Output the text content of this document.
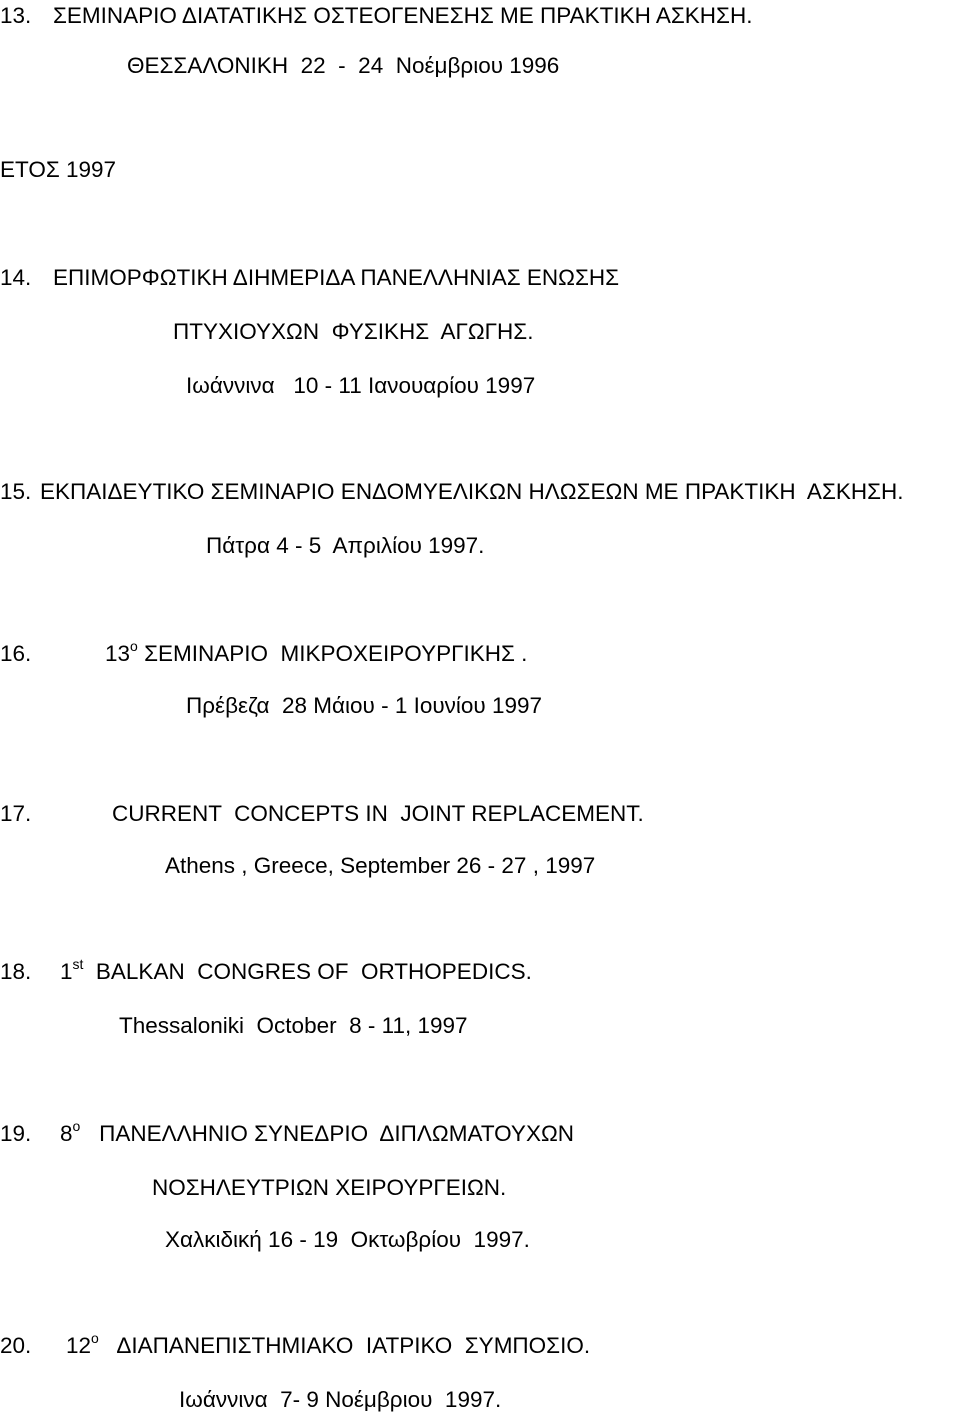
13. ΣΕΜΙΝΑΡΙΟ ΔΙΑΤΑΤΙΚΗΣ ΟΣΤΕΟΓΕΝΕΣΗΣ ΜΕ ΠΡΑΚΤΙΚΗ ΑΣΚΗΣΗ.
ΘΕΣΣΑΛΟΝΙΚΗ  22  -  24  Νοέμβριου 1996
ΕΤΟΣ 1997
14. ΕΠΙΜΟΡΦΩΤΙΚΗ ΔΙΗΜΕΡΙΔΑ ΠΑΝΕΛΛΗΝΙΑΣ ΕΝΩΣΗΣ
ΠΤΥΧΙΟΥΧΩΝ  ΦΥΣΙΚΗΣ  ΑΓΩΓΗΣ.
Ιωάννινα   10 - 11 Ιανουαρίου 1997
15. ΕΚΠΑΙΔΕΥΤΙΚΟ ΣΕΜΙΝΑΡΙΟ ΕΝΔΟΜΥΕΛΙΚΩΝ ΗΛΩΣΕΩΝ ΜΕ ΠΡΑΚΤΙΚΗ  ΑΣΚΗΣΗ.
Πάτρα 4 - 5  Απριλίου 1997.
16.	$13^o$ ΣΕΜΙΝΑΡΙΟ  ΜΙΚΡΟΧΕΙΡΟΥΡΓΙΚΗΣ .
Πρέβεζα  28 Μάιου - 1 Ιουνίου 1997
17.	CURRENT  CONCEPTS IN  JOINT REPLACEMENT.
Athens , Greece, September 26 - 27 , 1997
18. 1st  BALKAN  CONGRES OF  ORTHOPEDICS.
Thessaloniki  October  8 - 11, 1997
19. $8^o$   ΠΑΝΕΛΛΗΝΙΟ ΣΥΝΕΔΡΙΟ  ΔΙΠΛΩΜΑΤΟΥΧΩΝ
ΝΟΣΗΛΕΥΤΡΙΩΝ ΧΕΙΡΟΥΡΓΕΙΩΝ.
Χαλκιδική 16 - 19  Οκτωβρίου  1997.
20. $12^o$   ΔΙΑΠΑΝΕΠΙΣΤΗΜΙΑΚΟ  ΙΑΤΡΙΚΟ  ΣΥΜΠΟΣΙΟ.
Ιωάννινα  7- 9 Νοέμβριου  1997.
